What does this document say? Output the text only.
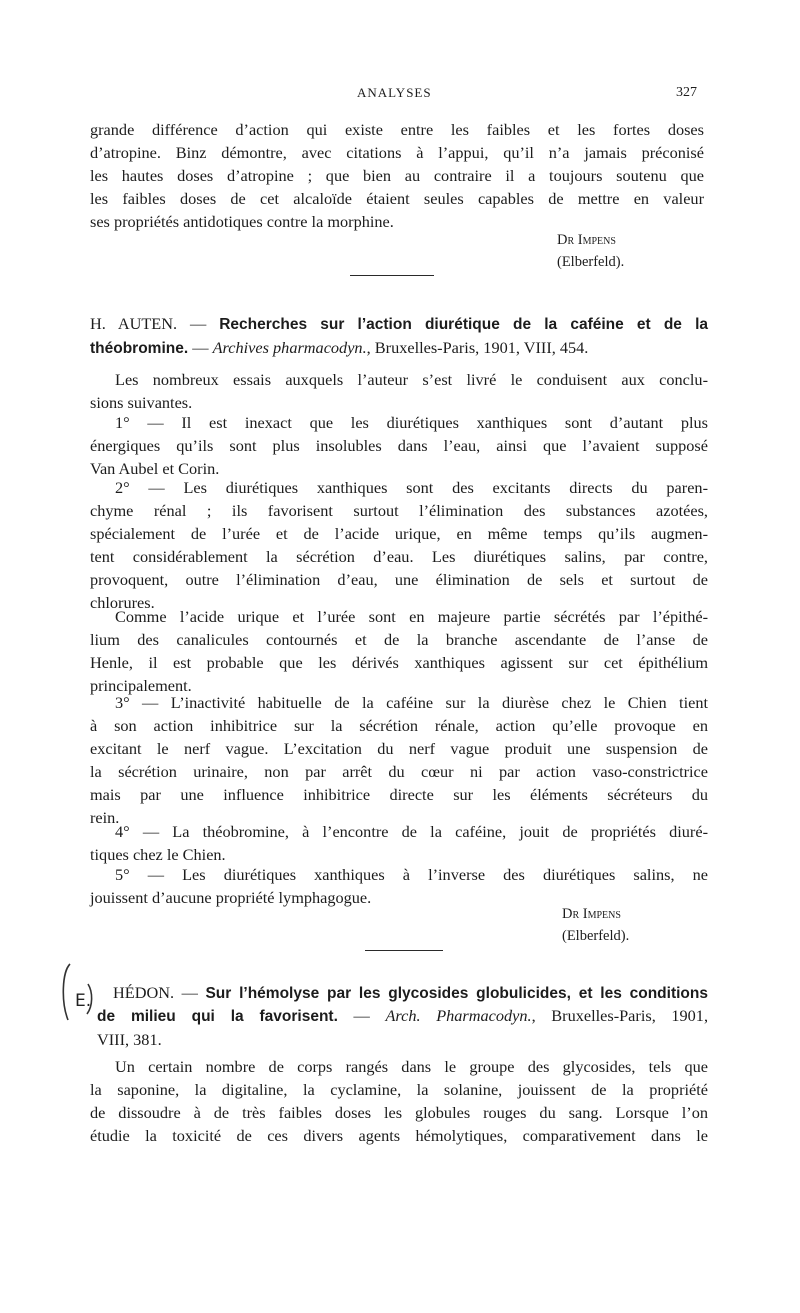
ANALYSES	327
grande différence d’action qui existe entre les faibles et les fortes doses
d’atropine. Binz démontre, avec citations à l’appui, qu’il n’a jamais préconisé
les hautes doses d’atropine ; que bien au contraire il a toujours soutenu que
les faibles doses de cet alcaloïde étaient seules capables de mettre en valeur
ses propriétés antidotiques contre la morphine.
Dr Impens
(Elberfeld).
H. AUTEN. — Recherches sur l’action diurétique de la caféine et de la
théobromine. — Archives pharmacodyn., Bruxelles-Paris, 1901, VIII, 454.
Les nombreux essais auxquels l’auteur s’est livré le conduisent aux conclu-
sions suivantes.
1° — Il est inexact que les diurétiques xanthiques sont d’autant plus
énergiques qu’ils sont plus insolubles dans l’eau, ainsi que l’avaient supposé
Van Aubel et Corin.
2° — Les diurétiques xanthiques sont des excitants directs du paren-
chyme rénal ; ils favorisent surtout l’élimination des substances azotées,
spécialement de l’urée et de l’acide urique, en même temps qu’ils augmen-
tent considérablement la sécrétion d’eau. Les diurétiques salins, par contre,
provoquent, outre l’élimination d’eau, une élimination de sels et surtout de
chlorures.
Comme l’acide urique et l’urée sont en majeure partie sécrétés par l’épithé-
lium des canalicules contournés et de la branche ascendante de l’anse de
Henle, il est probable que les dérivés xanthiques agissent sur cet épithélium
principalement.
3° — L’inactivité habituelle de la caféine sur la diurèse chez le Chien tient
à son action inhibitrice sur la sécrétion rénale, action qu’elle provoque en
excitant le nerf vague. L’excitation du nerf vague produit une suspension de
la sécrétion urinaire, non par arrêt du cœur ni par action vaso-constrictrice
mais par une influence inhibitrice directe sur les éléments sécréteurs du
rein.
4° — La théobromine, à l’encontre de la caféine, jouit de propriétés diuré-
tiques chez le Chien.
5° — Les diurétiques xanthiques à l’inverse des diurétiques salins, ne
jouissent d’aucune propriété lymphagogue.
Dr Impens
(Elberfeld).
E. HÉDON. — Sur l’hémolyse par les glycosides globulicides, et les conditions
de milieu qui la favorisent. — Arch. Pharmacodyn., Bruxelles-Paris, 1901,
VIII, 381.
Un certain nombre de corps rangés dans le groupe des glycosides, tels que
la saponine, la digitaline, la cyclamine, la solanine, jouissent de la propriété
de dissoudre à de très faibles doses les globules rouges du sang. Lorsque l’on
étudie la toxicité de ces divers agents hémolytiques, comparativement dans le
